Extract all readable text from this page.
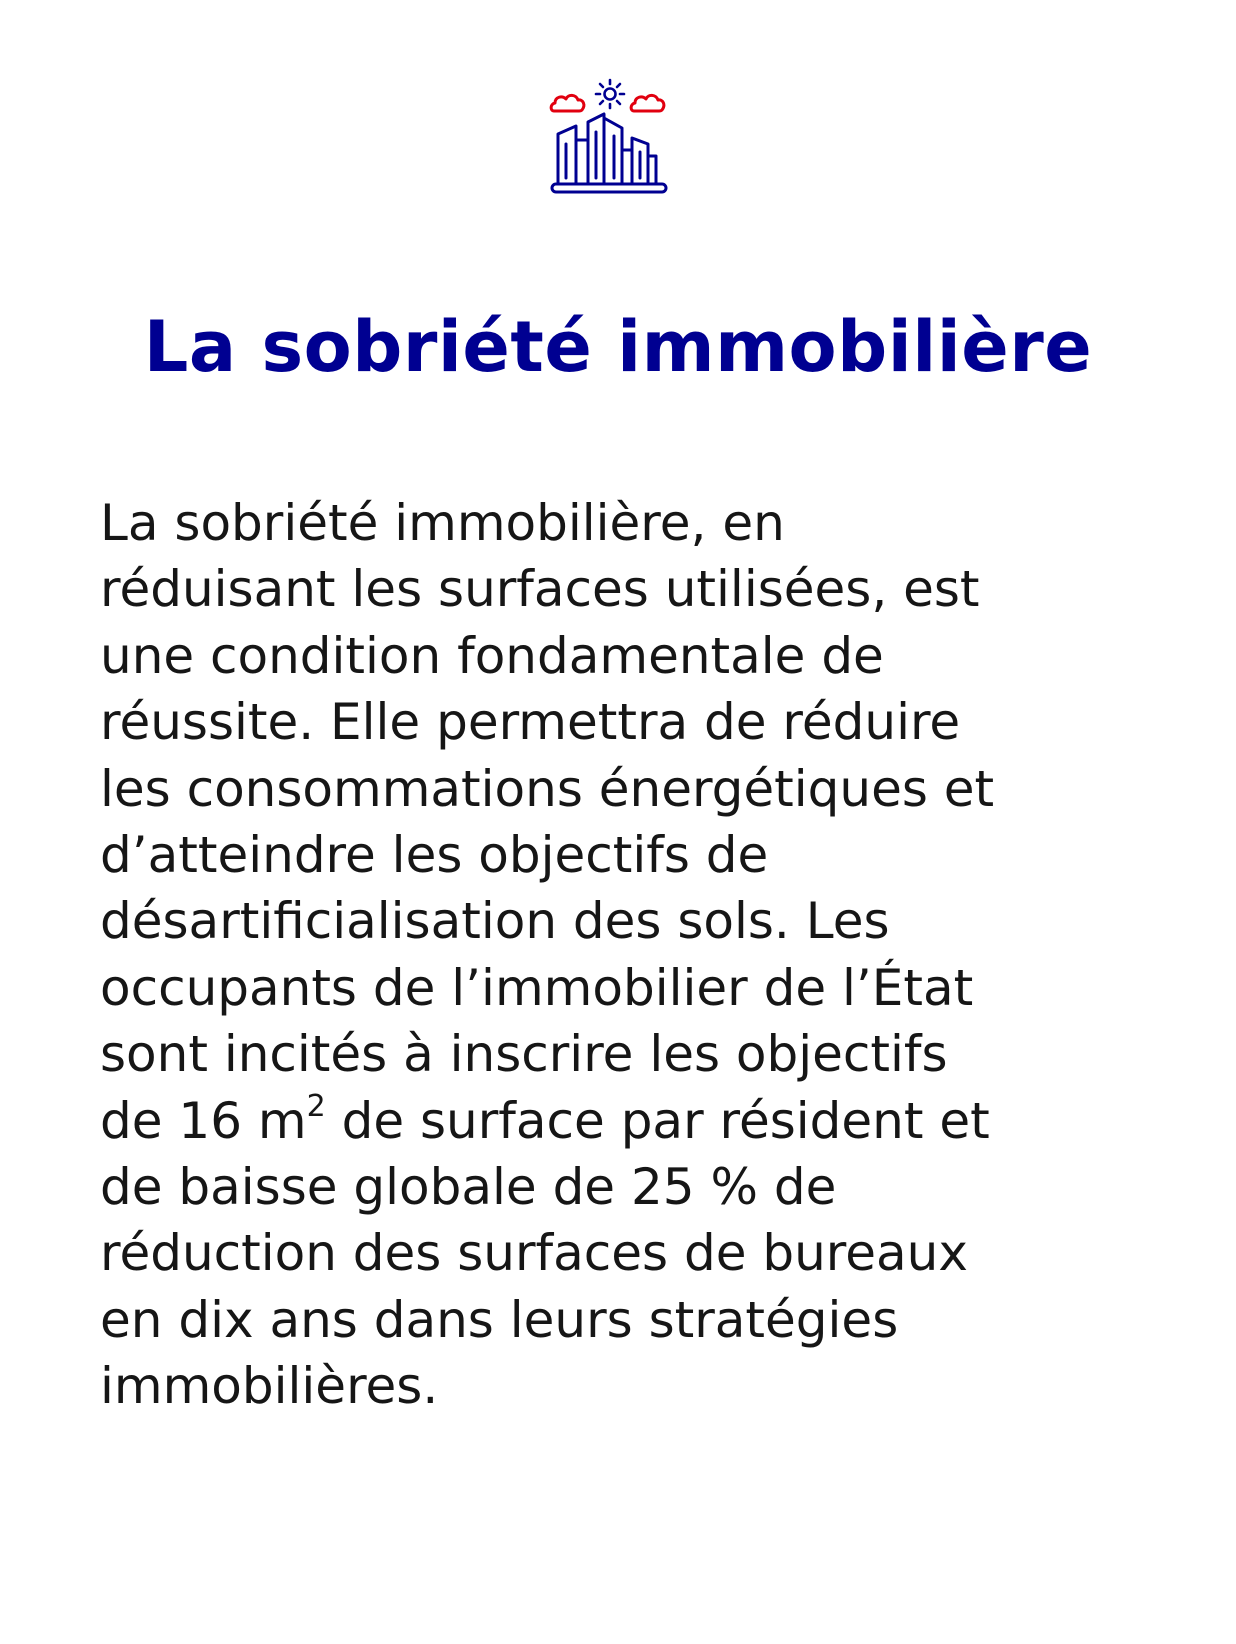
La sobriété immobilière
La sobriété immobilière, en
réduisant les surfaces utilisées, est
une condition fondamentale de
réussite. Elle permettra de réduire
les consommations énergétiques et
d’atteindre les objectifs de
désartificialisation des sols. Les
occupants de l’immobilier de l’État
sont incités à inscrire les objectifs
de 16 $m^2$ de surface par résident et
de baisse globale de 25 % de
réduction des surfaces de bureaux
en dix ans dans leurs stratégies
immobilières.
